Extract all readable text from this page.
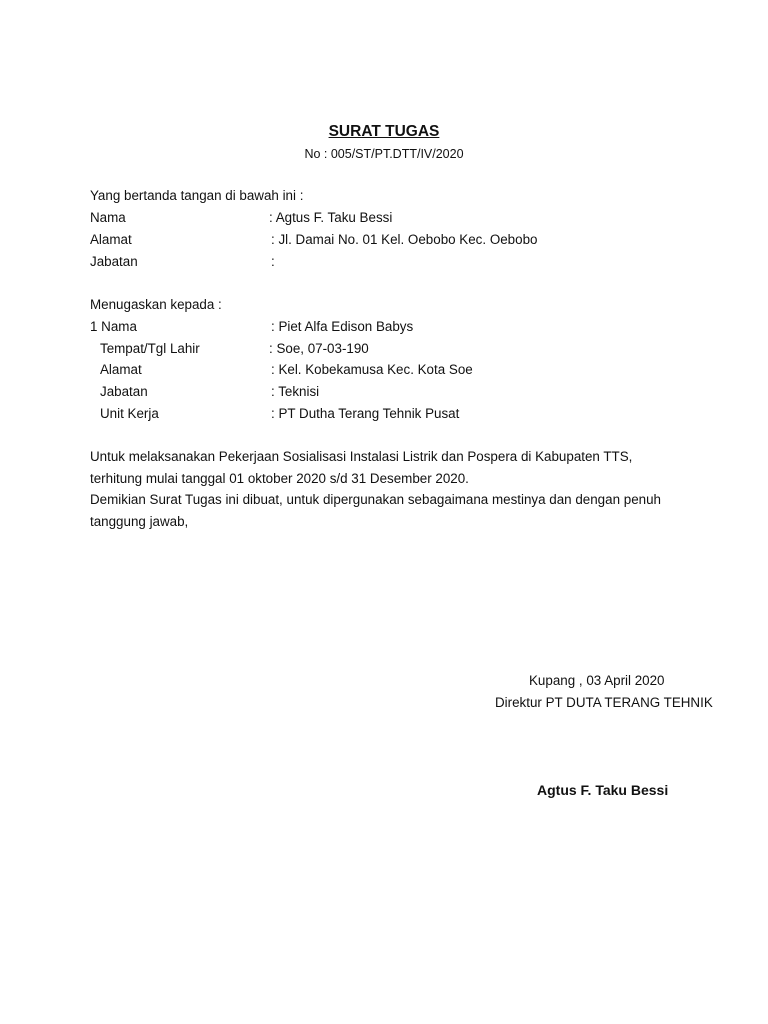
SURAT TUGAS
No : 005/ST/PT.DTT/IV/2020
Yang bertanda tangan di bawah ini :
Nama	: Agtus F. Taku Bessi
Alamat	: Jl. Damai No. 01 Kel. Oebobo Kec. Oebobo
Jabatan	:
Menugaskan kepada :
1 Nama	: Piet Alfa Edison Babys
Tempat/Tgl Lahir	: Soe, 07-03-190
Alamat	: Kel. Kobekamusa Kec. Kota Soe
Jabatan	: Teknisi
Unit Kerja	: PT Dutha Terang Tehnik Pusat
Untuk melaksanakan Pekerjaan Sosialisasi Instalasi Listrik dan Pospera di Kabupaten TTS,
terhitung mulai tanggal 01 oktober 2020 s/d 31 Desember 2020.
Demikian Surat Tugas ini dibuat, untuk dipergunakan sebagaimana mestinya dan dengan penuh
tanggung jawab,
Kupang , 03 April 2020
Direktur PT DUTA TERANG TEHNIK
Agtus F. Taku Bessi
